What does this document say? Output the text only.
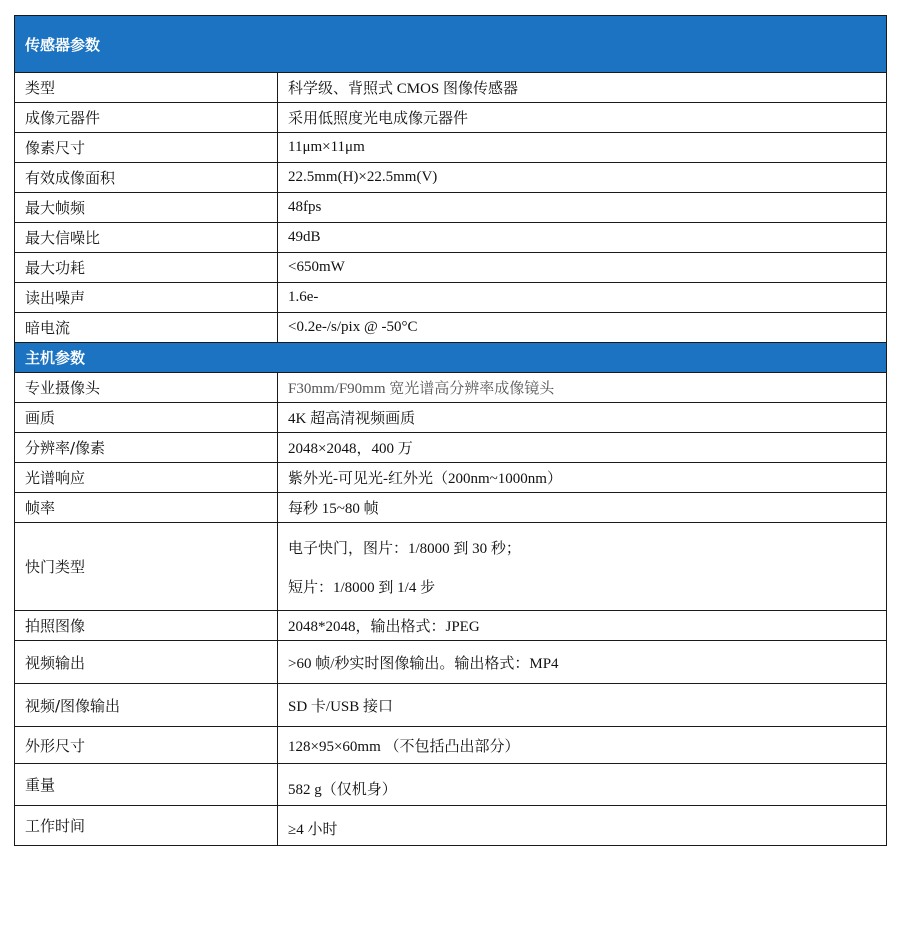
传感器参数	
类型	科学级、背照式 CMOS 图像传感器
成像元器件	采用低照度光电成像元器件
像素尺寸	11μm×11μm
有效成像面积	22.5mm(H)×22.5mm(V)
最大帧频	48fps
最大信噪比	49dB
最大功耗	<650mW
读出噪声	1.6e-
暗电流	<0.2e-/s/pix @ -50°C
主机参数	
专业摄像头	F30mm/F90mm 宽光谱高分辨率成像镜头
画质	4K 超高清视频画质
分辨率/像素	2048×2048，400 万
光谱响应	紫外光-可见光-红外光（200nm~1000nm）
帧率	每秒 15~80 帧
快门类型	电子快门，图片：1/8000 到 30 秒；
短片：1/8000 到 1/4 步

拍照图像	2048*2048，输出格式：JPEG
视频输出	>60 帧/秒实时图像输出。输出格式：MP4
视频/图像输出	SD 卡/USB 接口
外形尺寸	128×95×60mm （不包括凸出部分）
重量	582 g（仅机身）
工作时间	≥4 小时
